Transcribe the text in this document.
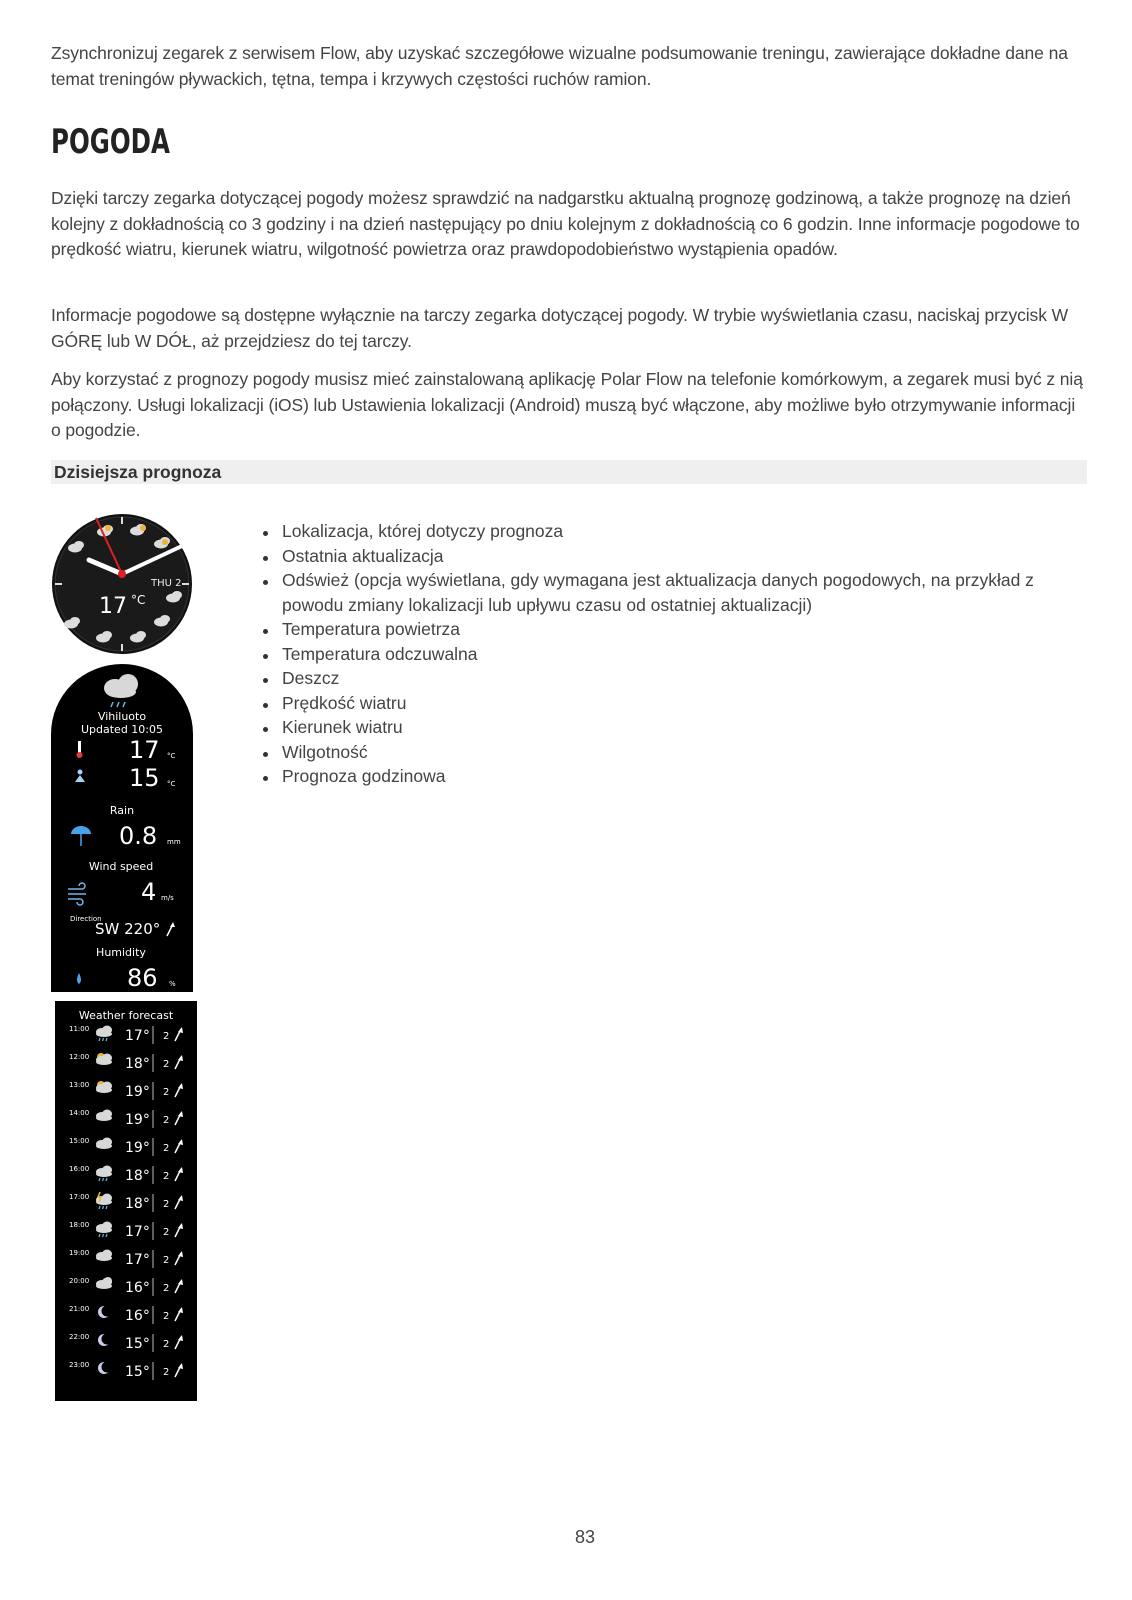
Zsynchronizuj zegarek z serwisem Flow, aby uzyskać szczegółowe wizualne podsumowanie treningu, zawierające dokładne dane na temat treningów pływackich, tętna, tempa i krzywych częstości ruchów ramion.

POGODA

Dzięki tarczy zegarka dotyczącej pogody możesz sprawdzić na nadgarstku aktualną prognozę godzinową, a także prognozę na dzień kolejny z dokładnością co 3 godziny i na dzień następujący po dniu kolejnym z dokładnością co 6 godzin. Inne informacje pogodowe to prędkość wiatru, kierunek wiatru, wilgotność powietrza oraz prawdopodobieństwo wystąpienia opadów.

Informacje pogodowe są dostępne wyłącznie na tarczy zegarka dotyczącej pogody. W trybie wyświetlania czasu, naciskaj przycisk W GÓRĘ lub W DÓŁ, aż przejdziesz do tej tarczy.

Aby korzystać z prognozy pogody musisz mieć zainstalowaną aplikację Polar Flow na telefonie komórkowym, a zegarek musi być z nią połączony. Usługi lokalizacji (iOS) lub Ustawienia lokalizacji (Android) muszą być włączone, aby możliwe było otrzymywanie informacji o pogodzie.

Dzisiejsza prognoza
Lokalizacja, której dotyczy prognoza
Ostatnia aktualizacja
Odśwież (opcja wyświetlana, gdy wymagana jest aktualizacja danych pogodowych, na przykład z powodu zmiany lokalizacji lub upływu czasu od ostatniej aktualizacji)
Temperatura powietrza
Temperatura odczuwalna
Deszcz
Prędkość wiatru
Kierunek wiatru
Wilgotność
Prognoza godzinowa
THU 2
17 °C
Vihiluoto
Updated 10:05
17 °C
15 °C
Rain
0.8 mm
Wind speed
4 m/s
Direction
SW 220°
Humidity
86 %
Weather forecast
11:00	17° 2
12:00	18° 2
13:00	19° 2
14:00	19° 2
15:00	19° 2
16:00	18° 2
17:00	18° 2
18:00	17° 2
19:00	17° 2
20:00	16° 2
21:00	16° 2
22:00	15° 2
23:00	15° 2
83
